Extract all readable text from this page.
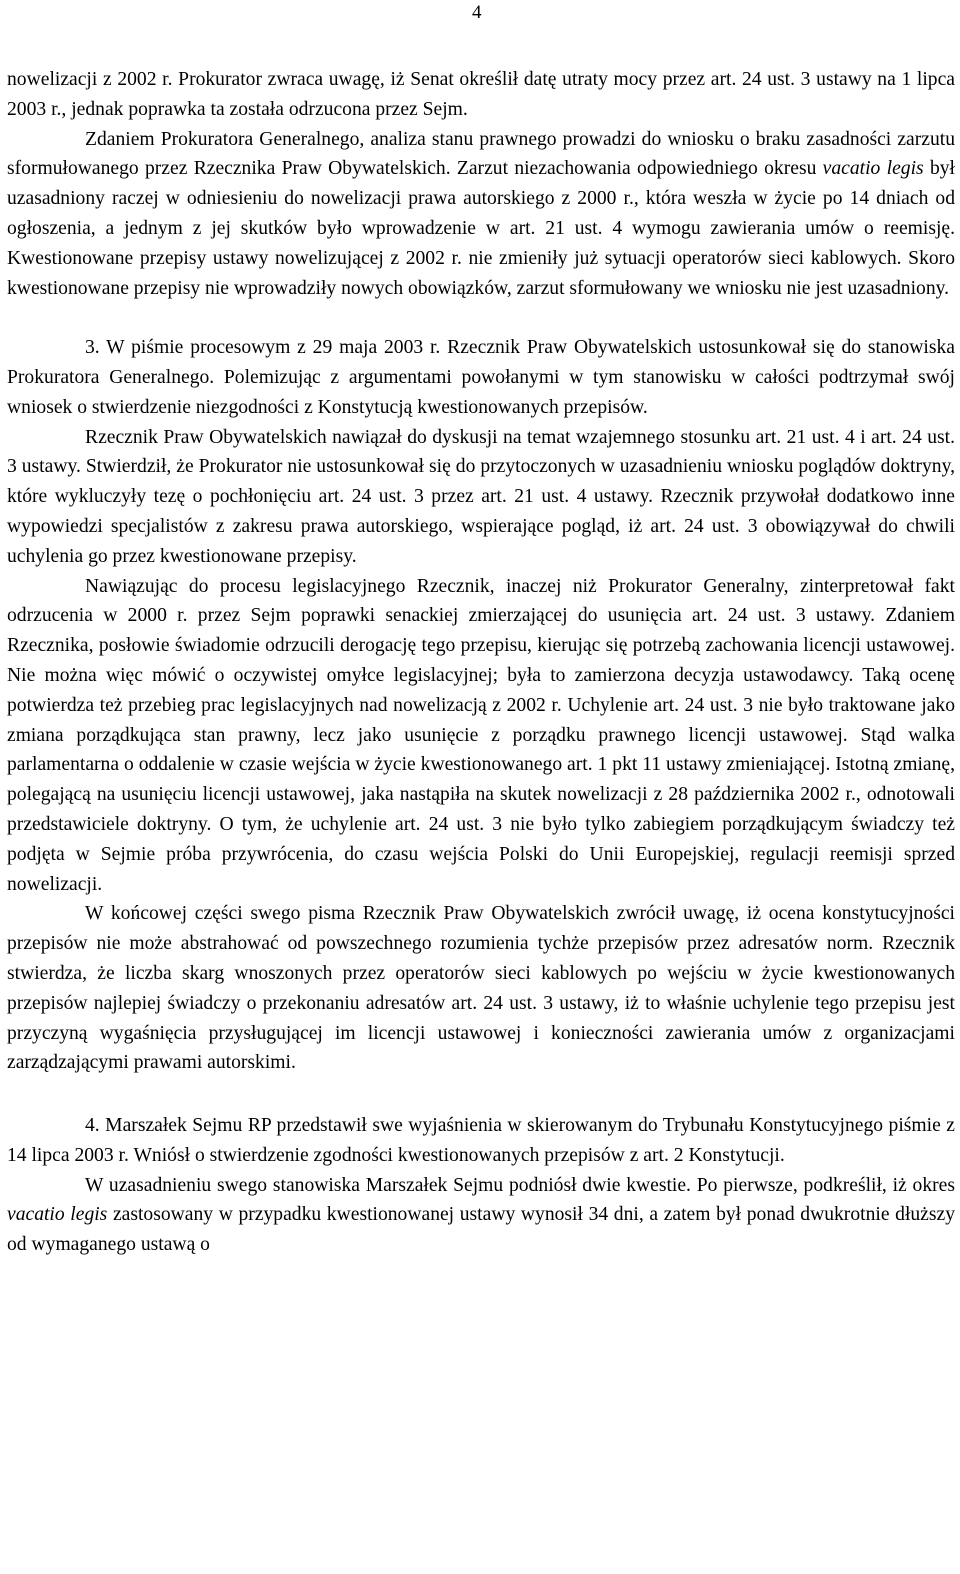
4

nowelizacji z 2002 r. Prokurator zwraca uwagę, iż Senat określił datę utraty mocy przez art. 24 ust. 3 ustawy na 1 lipca 2003 r., jednak poprawka ta została odrzucona przez Sejm.

Zdaniem Prokuratora Generalnego, analiza stanu prawnego prowadzi do wniosku o braku zasadności zarzutu sformułowanego przez Rzecznika Praw Obywatelskich. Zarzut niezachowania odpowiedniego okresu vacatio legis był uzasadniony raczej w odniesieniu do nowelizacji prawa autorskiego z 2000 r., która weszła w życie po 14 dniach od ogłoszenia, a jednym z jej skutków było wprowadzenie w art. 21 ust. 4 wymogu zawierania umów o reemisję. Kwestionowane przepisy ustawy nowelizującej z 2002 r. nie zmieniły już sytuacji operatorów sieci kablowych. Skoro kwestionowane przepisy nie wprowadziły nowych obowiązków, zarzut sformułowany we wniosku nie jest uzasadniony.

3. W piśmie procesowym z 29 maja 2003 r. Rzecznik Praw Obywatelskich ustosunkował się do stanowiska Prokuratora Generalnego. Polemizując z argumentami powołanymi w tym stanowisku w całości podtrzymał swój wniosek o stwierdzenie niezgodności z Konstytucją kwestionowanych przepisów.

Rzecznik Praw Obywatelskich nawiązał do dyskusji na temat wzajemnego stosunku art. 21 ust. 4 i art. 24 ust. 3 ustawy. Stwierdził, że Prokurator nie ustosunkował się do przytoczonych w uzasadnieniu wniosku poglądów doktryny, które wykluczyły tezę o pochłonięciu art. 24 ust. 3 przez art. 21 ust. 4 ustawy. Rzecznik przywołał dodatkowo inne wypowiedzi specjalistów z zakresu prawa autorskiego, wspierające pogląd, iż art. 24 ust. 3 obowiązywał do chwili uchylenia go przez kwestionowane przepisy.

Nawiązując do procesu legislacyjnego Rzecznik, inaczej niż Prokurator Generalny, zinterpretował fakt odrzucenia w 2000 r. przez Sejm poprawki senackiej zmierzającej do usunięcia art. 24 ust. 3 ustawy. Zdaniem Rzecznika, posłowie świadomie odrzucili derogację tego przepisu, kierując się potrzebą zachowania licencji ustawowej. Nie można więc mówić o oczywistej omyłce legislacyjnej; była to zamierzona decyzja ustawodawcy. Taką ocenę potwierdza też przebieg prac legislacyjnych nad nowelizacją z 2002 r. Uchylenie art. 24 ust. 3 nie było traktowane jako zmiana porządkująca stan prawny, lecz jako usunięcie z porządku prawnego licencji ustawowej. Stąd walka parlamentarna o oddalenie w czasie wejścia w życie kwestionowanego art. 1 pkt 11 ustawy zmieniającej. Istotną zmianę, polegającą na usunięciu licencji ustawowej, jaka nastąpiła na skutek nowelizacji z 28 października 2002 r., odnotowali przedstawiciele doktryny. O tym, że uchylenie art. 24 ust. 3 nie było tylko zabiegiem porządkującym świadczy też podjęta w Sejmie próba przywrócenia, do czasu wejścia Polski do Unii Europejskiej, regulacji reemisji sprzed nowelizacji.

W końcowej części swego pisma Rzecznik Praw Obywatelskich zwrócił uwagę, iż ocena konstytucyjności przepisów nie może abstrahować od powszechnego rozumienia tychże przepisów przez adresatów norm. Rzecznik stwierdza, że liczba skarg wnoszonych przez operatorów sieci kablowych po wejściu w życie kwestionowanych przepisów najlepiej świadczy o przekonaniu adresatów art. 24 ust. 3 ustawy, iż to właśnie uchylenie tego przepisu jest przyczyną wygaśnięcia przysługującej im licencji ustawowej i konieczności zawierania umów z organizacjami zarządzającymi prawami autorskimi.

4. Marszałek Sejmu RP przedstawił swe wyjaśnienia w skierowanym do Trybunału Konstytucyjnego piśmie z 14 lipca 2003 r. Wniósł o stwierdzenie zgodności kwestionowanych przepisów z art. 2 Konstytucji.

W uzasadnieniu swego stanowiska Marszałek Sejmu podniósł dwie kwestie. Po pierwsze, podkreślił, iż okres vacatio legis zastosowany w przypadku kwestionowanej ustawy wynosił 34 dni, a zatem był ponad dwukrotnie dłuższy od wymaganego ustawą o
